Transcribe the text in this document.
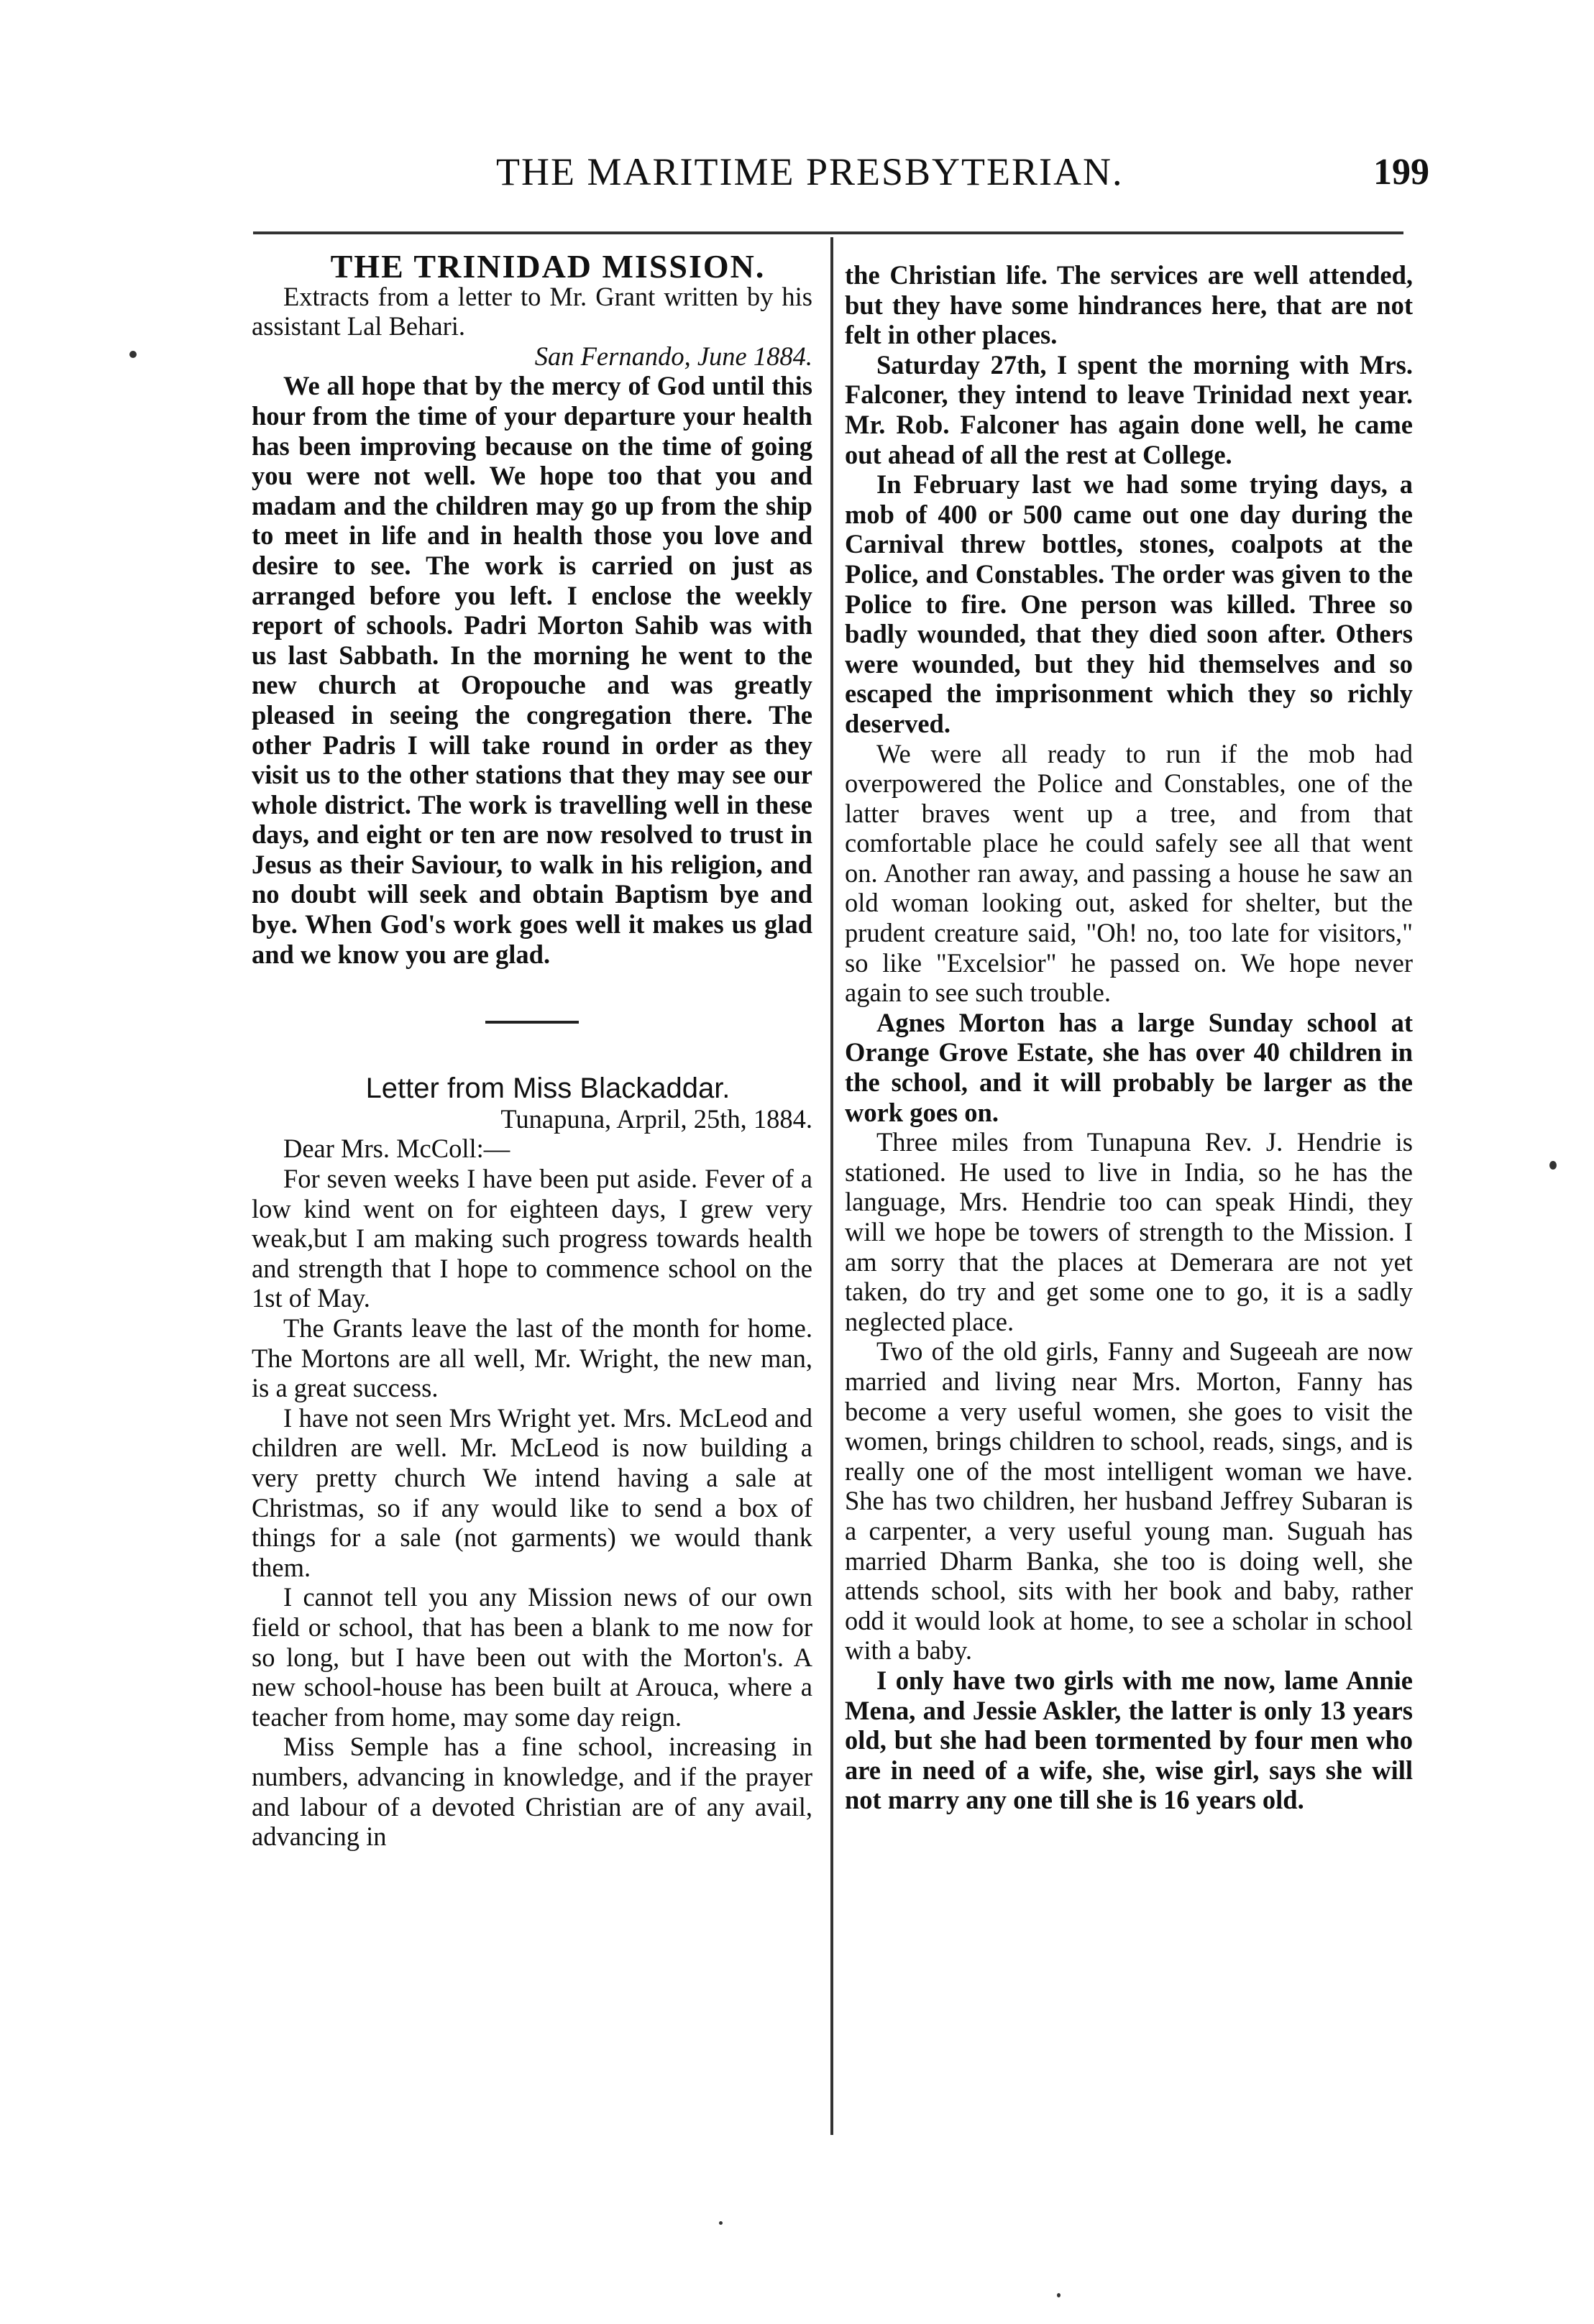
THE MARITIME PRESBYTERIAN.	199

THE TRINIDAD MISSION.

Extracts from a letter to Mr. Grant written by his assistant Lal Behari.

San Fernando, June 1884.

We all hope that by the mercy of God until this hour from the time of your departure your health has been improving because on the time of going you were not well. We hope too that you and madam and the children may go up from the ship to meet in life and in health those you love and desire to see. The work is carried on just as arranged before you left. I enclose the weekly report of schools. Padri Morton Sahib was with us last Sabbath. In the morning he went to the new church at Oropouche and was greatly pleased in seeing the congregation there. The other Padris I will take round in order as they visit us to the other stations that they may see our whole district. The work is travelling well in these days, and eight or ten are now resolved to trust in Jesus as their Saviour, to walk in his religion, and no doubt will seek and obtain Baptism bye and bye. When God's work goes well it makes us glad and we know you are glad.

Letter from Miss Blackaddar.

Tunapuna, Arpril, 25th, 1884.

Dear Mrs. McColl:—

For seven weeks I have been put aside. Fever of a low kind went on for eighteen days, I grew very weak,but I am making such progress towards health and strength that I hope to commence school on the 1st of May.

The Grants leave the last of the month for home. The Mortons are all well, Mr. Wright, the new man, is a great success.

I have not seen Mrs Wright yet. Mrs. McLeod and children are well. Mr. McLeod is now building a very pretty church We intend having a sale at Christmas, so if any would like to send a box of things for a sale (not garments) we would thank them.

I cannot tell you any Mission news of our own field or school, that has been a blank to me now for so long, but I have been out with the Morton's. A new school-house has been built at Arouca, where a teacher from home, may some day reign.

Miss Semple has a fine school, increasing in numbers, advancing in knowledge, and if the prayer and labour of a devoted Christian are of any avail, advancing in

the Christian life. The services are well attended, but they have some hindrances here, that are not felt in other places.

Saturday 27th, I spent the morning with Mrs. Falconer, they intend to leave Trinidad next year. Mr. Rob. Falconer has again done well, he came out ahead of all the rest at College.

In February last we had some trying days, a mob of 400 or 500 came out one day during the Carnival threw bottles, stones, coalpots at the Police, and Constables. The order was given to the Police to fire. One person was killed. Three so badly wounded, that they died soon after. Others were wounded, but they hid themselves and so escaped the imprisonment which they so richly deserved.

We were all ready to run if the mob had overpowered the Police and Constables, one of the latter braves went up a tree, and from that comfortable place he could safely see all that went on. Another ran away, and passing a house he saw an old woman looking out, asked for shelter, but the prudent creature said, "Oh! no, too late for visitors," so like "Excelsior" he passed on. We hope never again to see such trouble.

Agnes Morton has a large Sunday school at Orange Grove Estate, she has over 40 children in the school, and it will probably be larger as the work goes on.

Three miles from Tunapuna Rev. J. Hendrie is stationed. He used to live in India, so he has the language, Mrs. Hendrie too can speak Hindi, they will we hope be towers of strength to the Mission. I am sorry that the places at Demerara are not yet taken, do try and get some one to go, it is a sadly neglected place.

Two of the old girls, Fanny and Sugeeah are now married and living near Mrs. Morton, Fanny has become a very useful women, she goes to visit the women, brings children to school, reads, sings, and is really one of the most intelligent woman we have. She has two children, her husband Jeffrey Subaran is a carpenter, a very useful young man. Suguah has married Dharm Banka, she too is doing well, she attends school, sits with her book and baby, rather odd it would look at home, to see a scholar in school with a baby.

I only have two girls with me now, lame Annie Mena, and Jessie Askler, the latter is only 13 years old, but she had been tormented by four men who are in need of a wife, she, wise girl, says she will not marry any one till she is 16 years old.
